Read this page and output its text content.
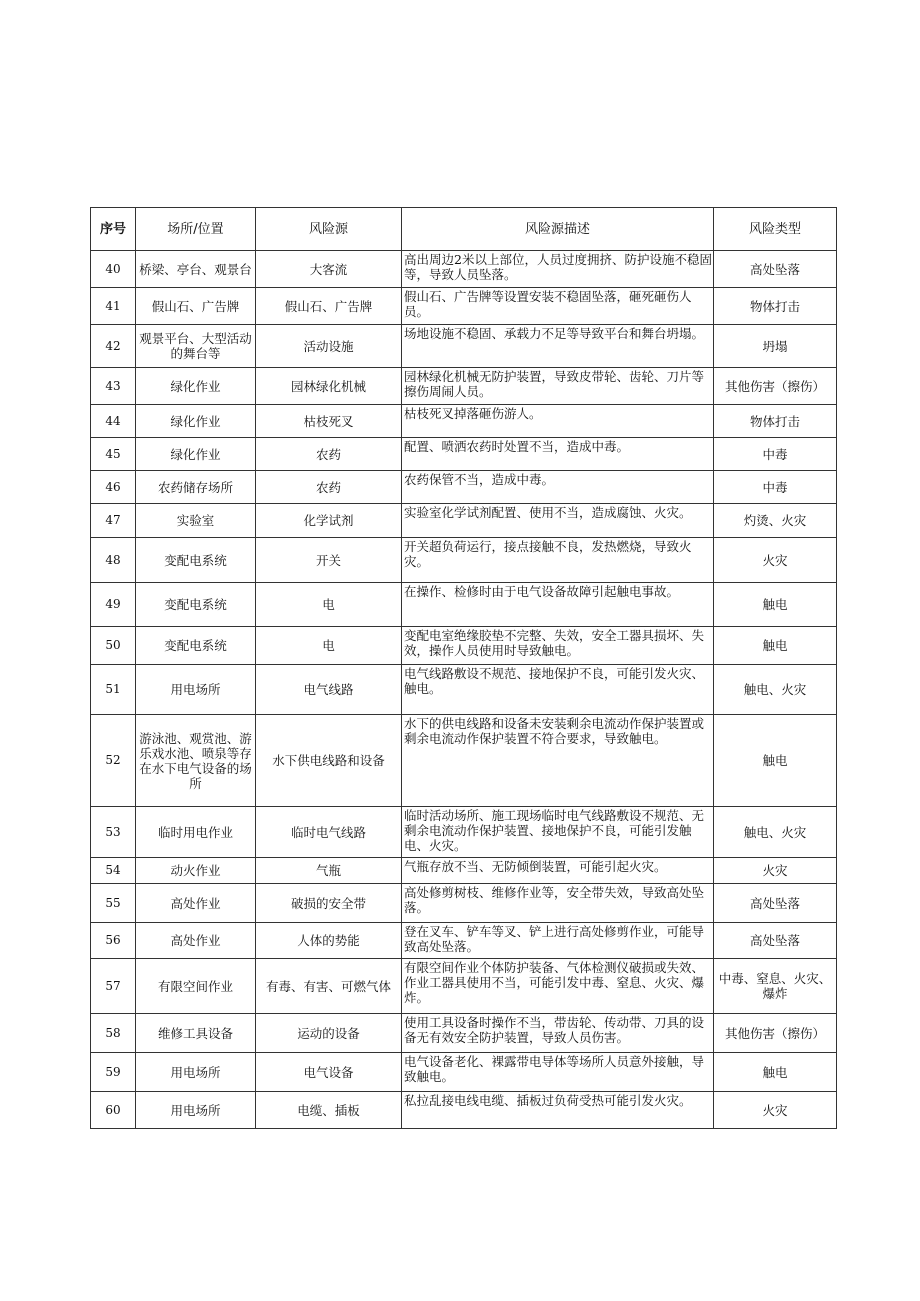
序号	场所/位置	风险源	风险源描述	风险类型
40	桥梁、亭台、观景台	大客流	高出周边2米以上部位，人员过度拥挤、防护设施不稳固等，导致人员坠落。	高处坠落
41	假山石、广告牌	假山石、广告牌	假山石、广告牌等设置安装不稳固坠落，砸死砸伤人员。	物体打击
42	观景平台、大型活动的舞台等	活动设施	场地设施不稳固、承载力不足等导致平台和舞台坍塌。	坍塌
43	绿化作业	园林绿化机械	园林绿化机械无防护装置，导致皮带轮、齿轮、刀片等擦伤周闹人员。	其他伤害（擦伤）
44	绿化作业	枯枝死叉	枯枝死叉掉落砸伤游人。	物体打击
45	绿化作业	农药	配置、喷洒农药时处置不当，造成中毒。	中毒
46	农药储存场所	农药	农药保管不当，造成中毒。	中毒
47	实验室	化学试剂	实验室化学试剂配置、使用不当，造成腐蚀、火灾。	灼烫、火灾
48	变配电系统	开关	开关超负荷运行，接点接触不良，发热燃烧，导致火灾。	火灾
49	变配电系统	电	在操作、检修时由于电气设备故障引起触电事故。	触电
50	变配电系统	电	变配电室绝缘胶垫不完整、失效，安全工器具损坏、失效，操作人员使用时导致触电。	触电
51	用电场所	电气线路	电气线路敷设不规范、接地保护不良，可能引发火灾、触电。	触电、火灾
52	游泳池、观赏池、游乐戏水池、喷泉等存在水下电气设备的场所	水下供电线路和设备	水下的供电线路和设备未安装剩余电流动作保护装置或剩余电流动作保护装置不符合要求，导致触电。	触电
53	临时用电作业	临时电气线路	临时活动场所、施工现场临时电气线路敷设不规范、无剩余电流动作保护装置、接地保护不良，可能引发触电、火灾。	触电、火灾
54	动火作业	气瓶	气瓶存放不当、无防倾倒装置，可能引起火灾。	火灾
55	高处作业	破损的安全带	高处修剪树枝、维修作业等，安全带失效，导致高处坠落。	高处坠落
56	高处作业	人体的势能	登在叉车、铲车等叉、铲上进行高处修剪作业，可能导致高处坠落。	高处坠落
57	有限空间作业	有毒、有害、可燃气体	有限空间作业个体防护装备、气体检测仪破损或失效、作业工器具使用不当，可能引发中毒、窒息、火灾、爆炸。	中毒、窒息、火灾、爆炸
58	维修工具设备	运动的设备	使用工具设备时操作不当，带齿轮、传动带、刀具的设备无有效安全防护装置，导致人员伤害。	其他伤害（擦伤）
59	用电场所	电气设备	电气设备老化、裸露带电导体等场所人员意外接触，导致触电。	触电
60	用电场所	电缆、插板	私拉乱接电线电缆、插板过负荷受热可能引发火灾。	火灾
